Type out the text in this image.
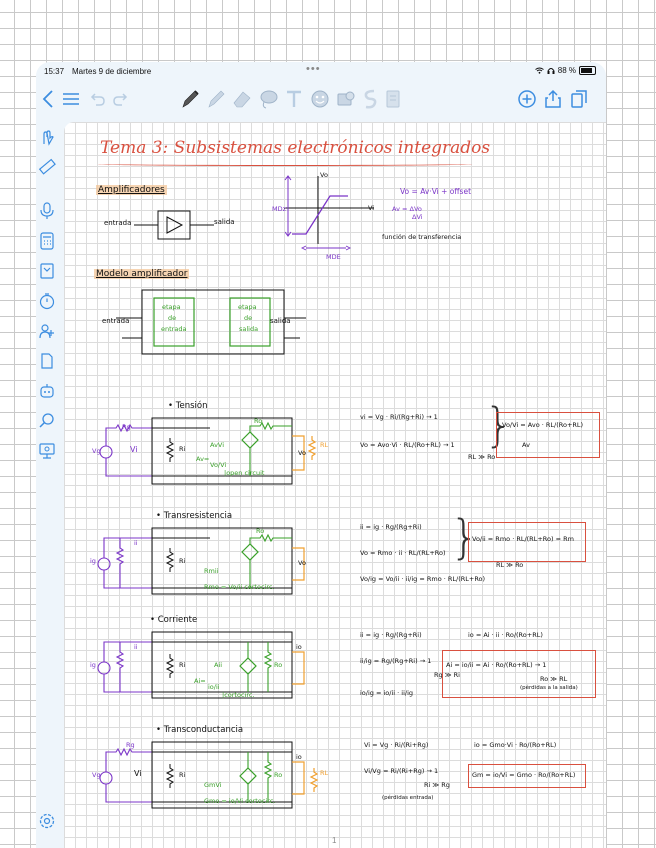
15:37 Martes 9 de diciembre	•••	88 %
Tema 3: Subsistemas electrónicos integrados
Amplificadores
entrada	salida
Vo
Vi
MDz
MDE
Vo = Av·Vi + offset
Av = ΔVo
ΔVi
función de transferencia
Modelo amplificador
entrada	salida
etapa
de
entrada
etapa
de
salida
• Tensión
Vg	Vi
Rg
Ri	AvVi
Ro
Av=
Vo/Vi
|open circuit
Vo
RL
vi = Vg · Ri/(Rg+Ri) → 1
Vo = Avo·Vi · RL/(Ro+RL) → 1
RL ≫ Ro
}
Vo/Vi = Avo · RL/(Ro+RL)
Av
• Transresistencia
ig
ii
Ri
Rmii
Ro
Rmo = Vo/ii cortocirc.
Vo
ii = ig · Rg/(Rg+Ri)
Vo = Rmo · ii · RL/(RL+Ro)
Vo/ig = Vo/ii · ii/ig = Rmo · RL/(RL+Ro)
}
Vo/ii = Rmo · RL/(RL+Ro) = Rm
RL ≫ Ro
• Corriente
ig
ii
Ri	Aii	Ro
Ai=
io/ii
|cortocirc.
io
ii = ig · Rg/(Rg+Ri)
ii/ig = Rg/(Rg+Ri) → 1
Rg ≫ Ri
io/ig = io/ii · ii/ig
io = Ai · ii · Ro/(Ro+RL)
Ai = io/ii = Ai · Ro/(Ro+RL) → 1
Ro ≫ RL
(pérdidas a la salida)
• Transconductancia
Vg
Rg
Vi	Ri
GmVi
Ro
Gmo = io/Vi cortocirc.
io
RL
Vi = Vg · Ri/(Ri+Rg)
Vi/Vg = Ri/(Ri+Rg) → 1
Ri ≫ Rg
(pérdidas entrada)
io = Gmo·Vi · Ro/(Ro+RL)
Gm = io/Vi = Gmo · Ro/(Ro+RL)
1
